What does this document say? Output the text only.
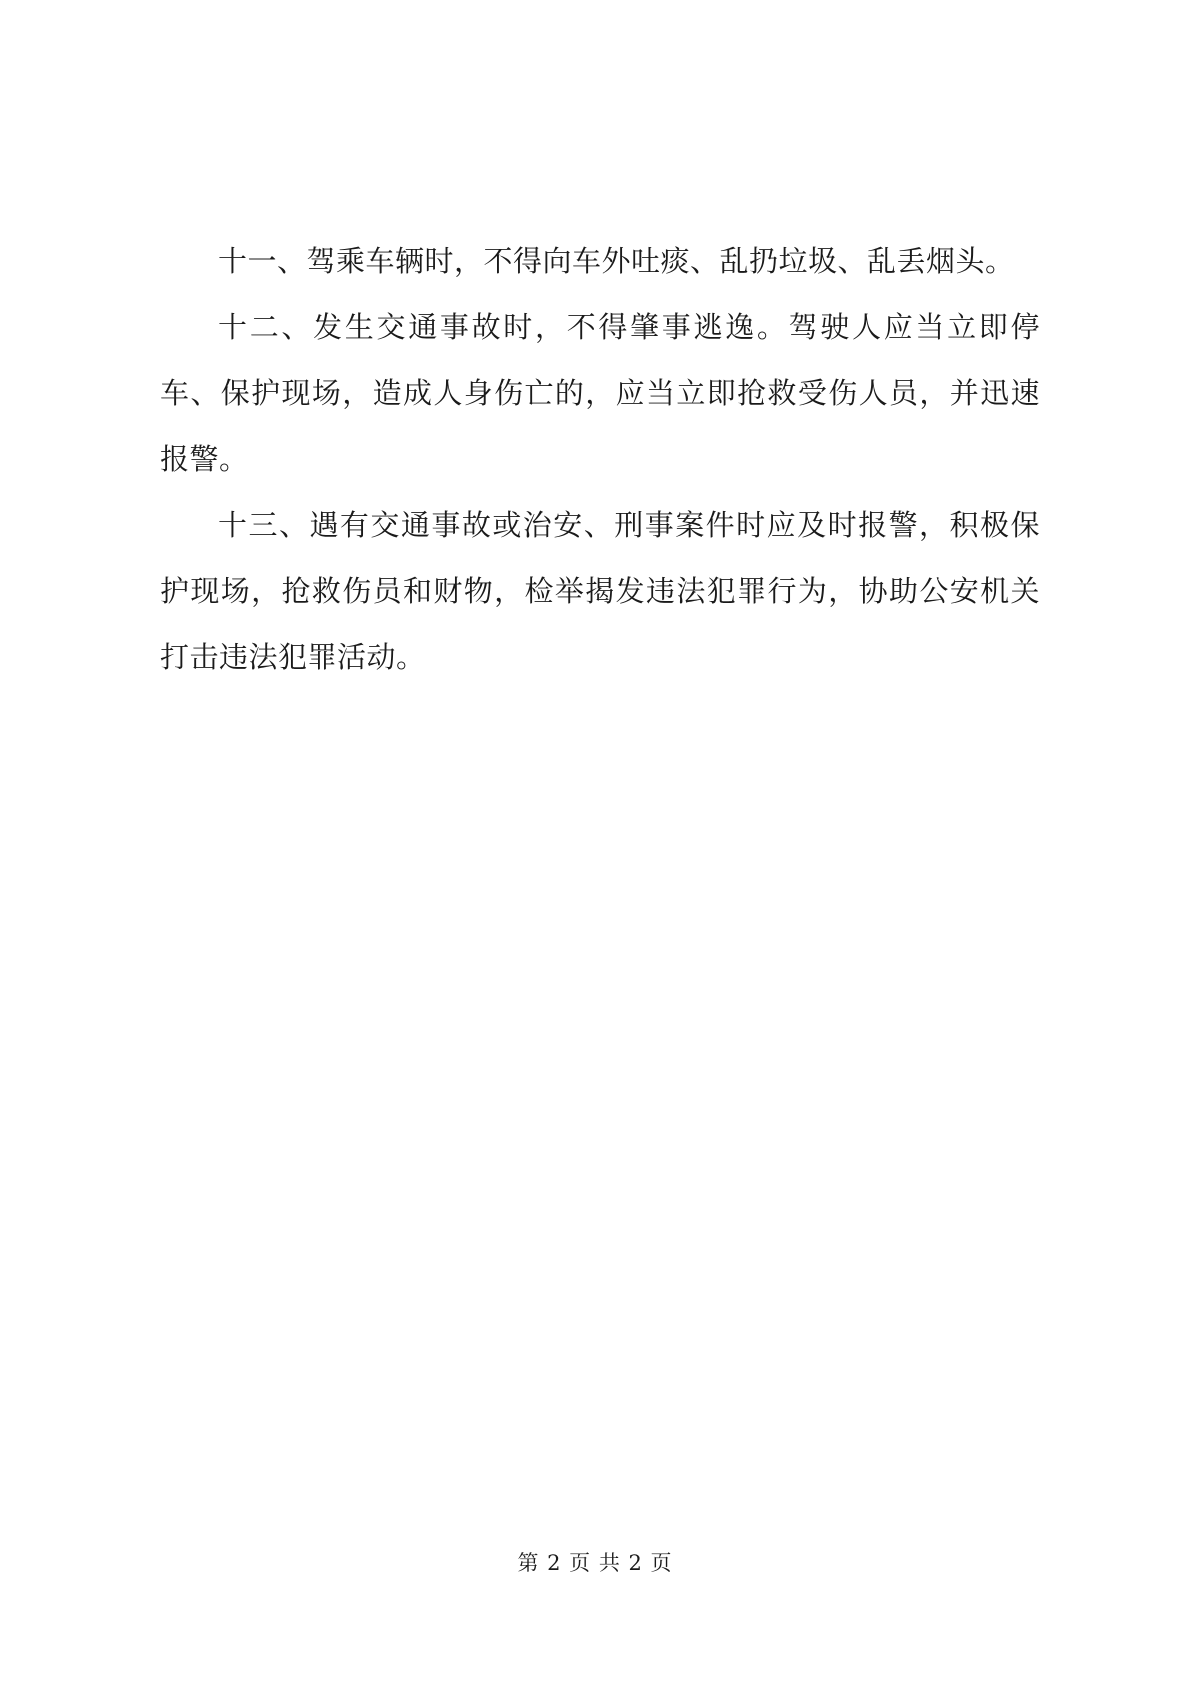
十一、驾乘车辆时，不得向车外吐痰、乱扔垃圾、乱丢烟头。

十二、发生交通事故时，不得肇事逃逸。驾驶人应当立即停车、保护现场，造成人身伤亡的，应当立即抢救受伤人员，并迅速报警。

十三、遇有交通事故或治安、刑事案件时应及时报警，积极保护现场，抢救伤员和财物，检举揭发违法犯罪行为，协助公安机关打击违法犯罪活动。

第 2 页 共 2 页
